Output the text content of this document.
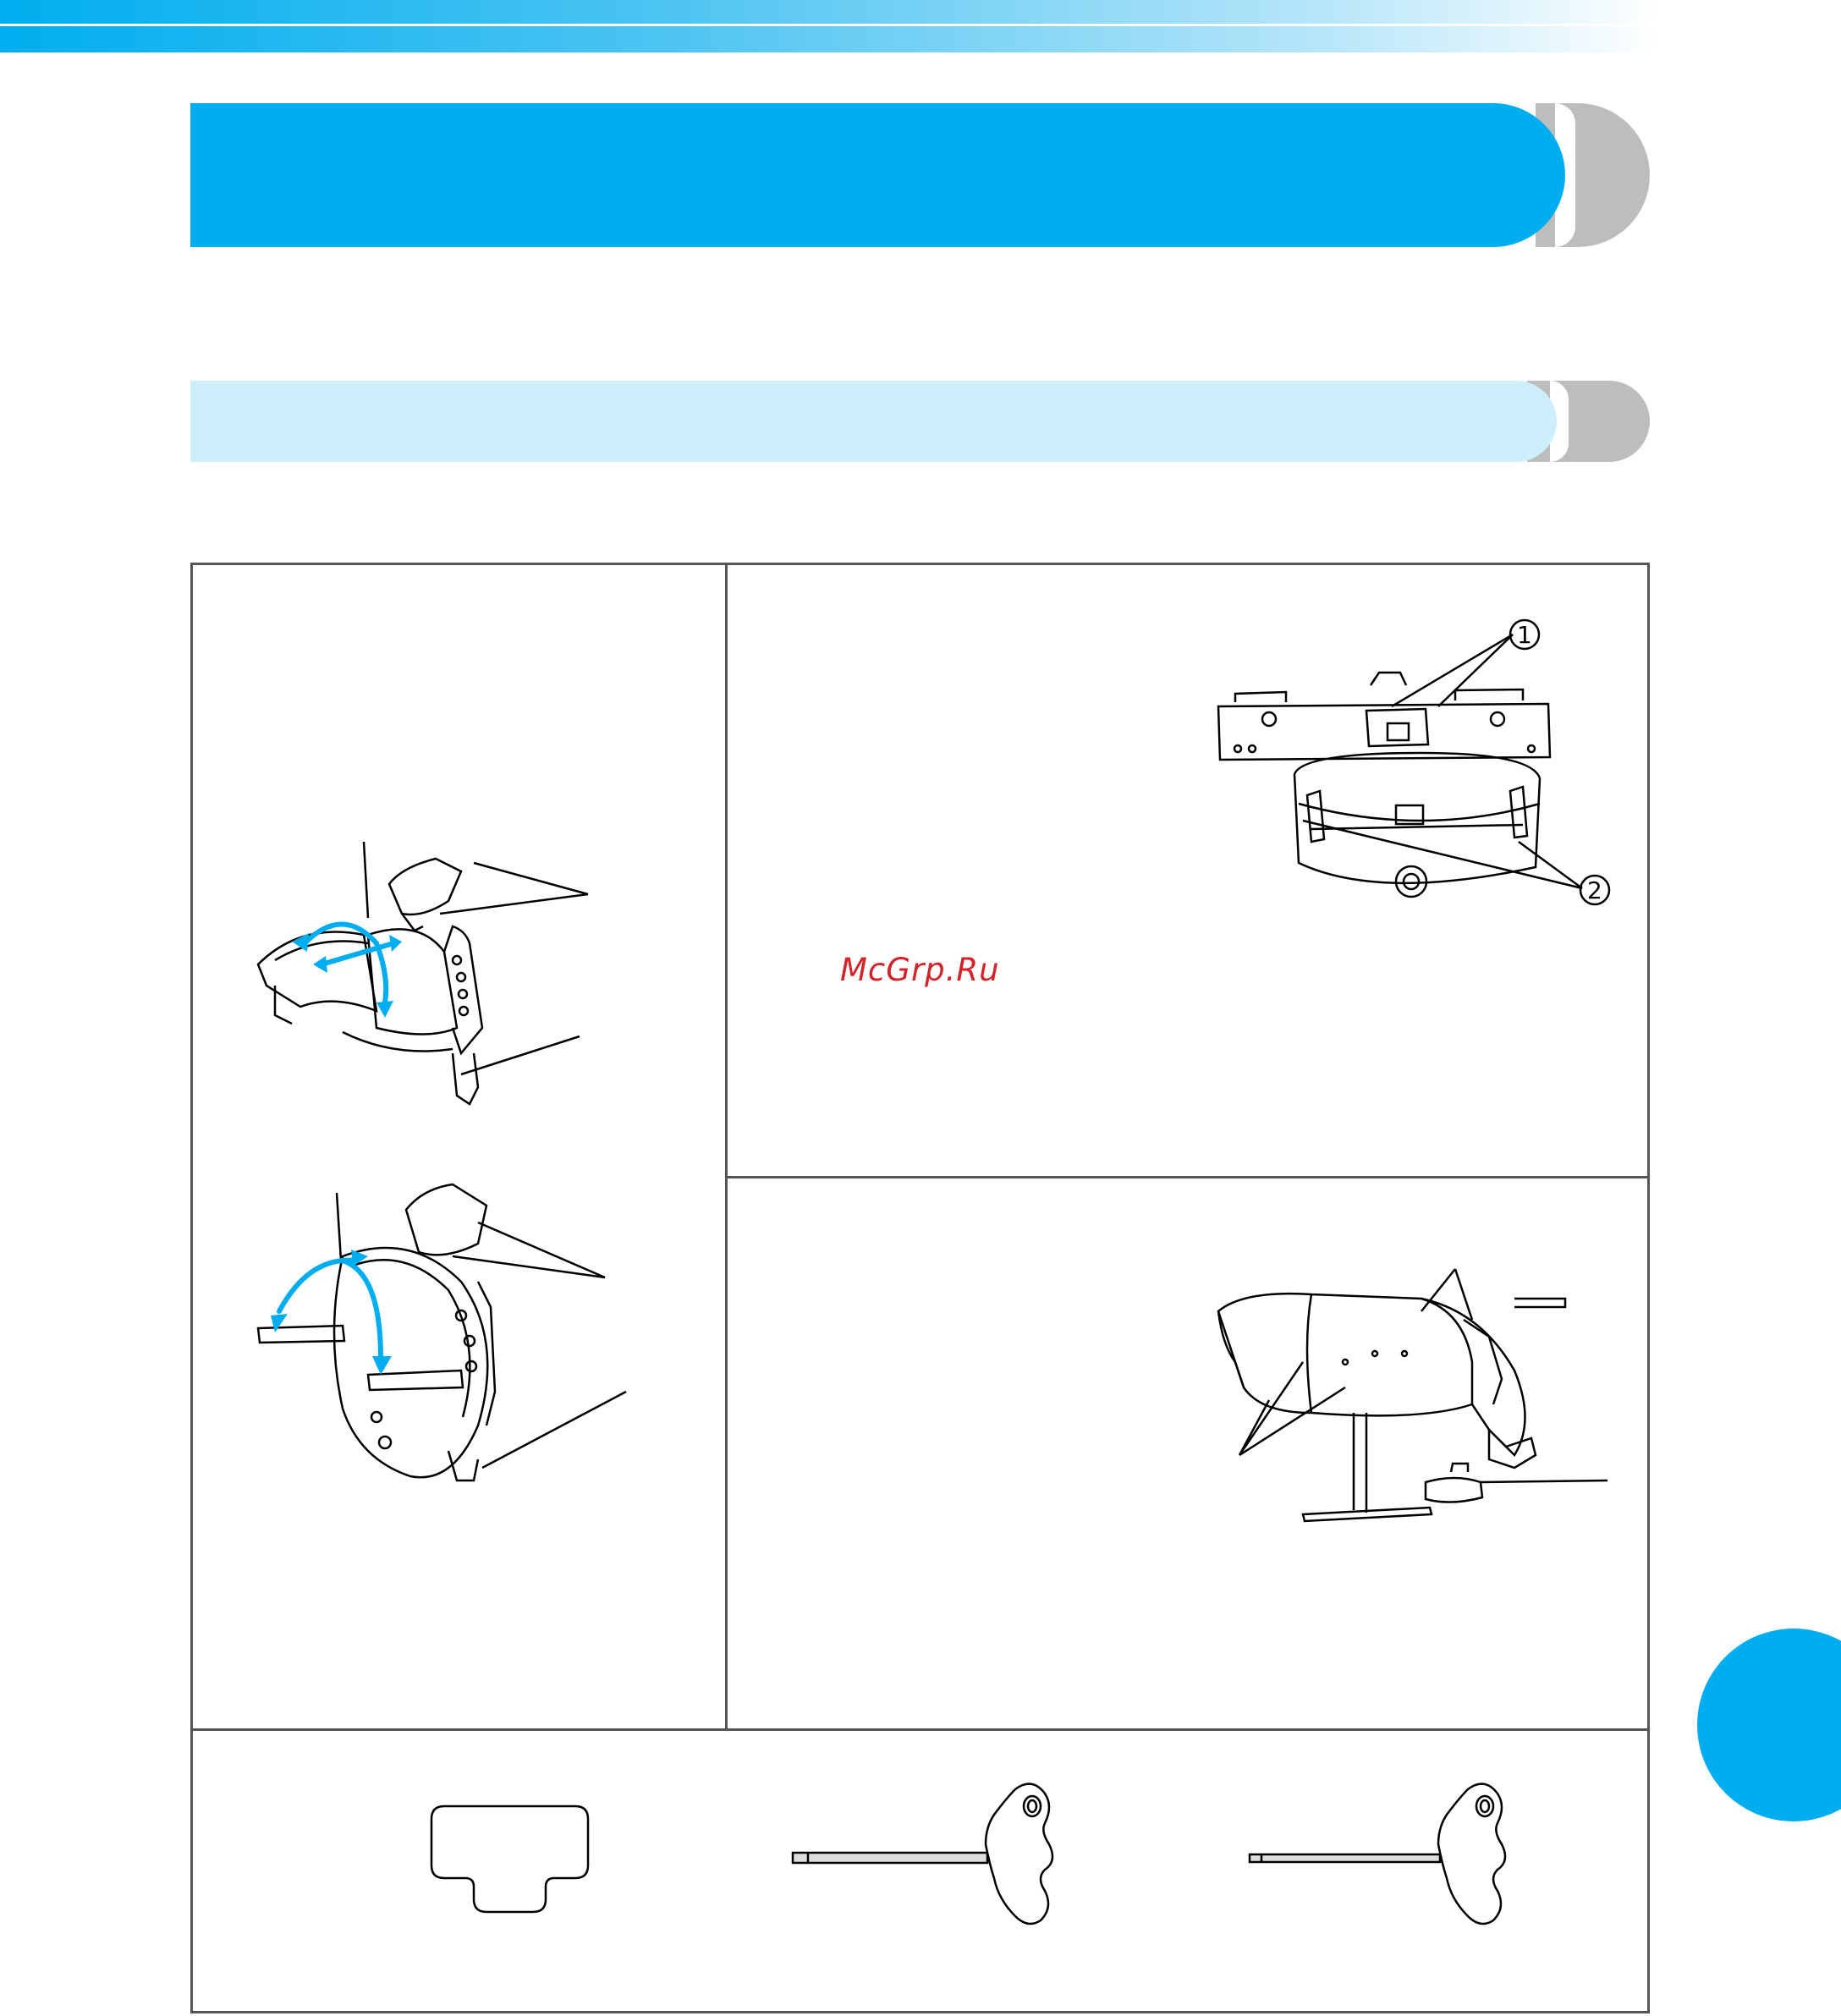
1
2
McGrp.Ru
